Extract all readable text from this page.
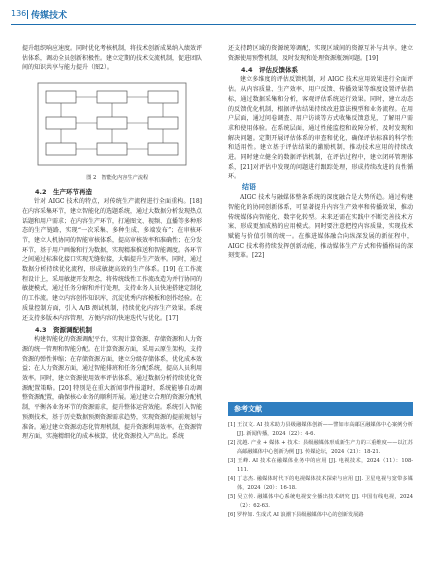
136 传媒技术

提升组织响应速度。同时优化考核机制，将技术创新成果纳入绩效评估体系，调动全员创新积极性。建立定期的技术交流机制，促进团队间的知识共享与能力提升（图2）。

图 2　智能化内容生产流程

4.2　生产环节再造

针对 AIGC 技术的特点，对传统生产流程进行全面重构。[18] 在内容采集环节，建立智能化的选题系统，通过大数据分析发现热点话题和用户需求；在内容生产环节，打通图文、视频、直播等多种形态的生产链路，实现“一次采集、多种生成、多端发布”；在审核环节，建立人机协同的智能审核体系，提高审核效率和准确性；在分发环节，基于用户画像和行为数据，实现精准推送和智能调度。各环节之间通过标准化接口实现无缝衔接，大幅提升生产效率。同时，通过数据分析持续优化流程，形成敏捷高效的生产体系。[19] 在工作流程设计上，采用敏捷开发理念，将传统线性工作流改造为并行协同的敏捷模式，通过任务分解和并行处理，支持业务人员快速搭建定制化的工作流。建立内容创作知识库，沉淀优秀内容模板和创作经验。在质量控制方面，引入 A/B 测试机制，持续优化内容生产效果。系统还支持多版本内容管理，方便内容的快速迭代与优化。[17]

4.3　资源调配机制

构建智能化的资源调配平台，实现计算资源、存储资源和人力资源的统一管理和智能分配。在计算资源方面，采用云原生架构，支持资源的弹性伸缩；在存储资源方面，建立分级存储体系，优化成本效益；在人力资源方面，通过智能排班和任务分配系统，提高人员利用效率。同时，建立资源使用效率评估体系，通过数据分析持续优化资源配置策略。[20] 特别是在重大新闻事件报道时，系统能够自动调整资源配置，确保核心业务的顺利开展。通过建立合理的资源分配机制，平衡各业务环节的资源需求，提升整体运营效能。系统引入智能预测技术，基于历史数据预测资源需求趋势，实现资源的提前规划与准备。通过建立资源动态化管理机制，提升资源利用效率。在资源管理方面，实施精细化的成本核算，优化资源投入产出比。系统

还支持跨区域的资源统筹调配，实现区域间的资源互补与共享。建立资源使用预警机制，及时发现和处理资源瓶颈问题。[19]

4.4　评估反馈体系

建立多维度的评估反馈机制，对 AIGC 技术应用效果进行全面评估。从内容质量、生产效率、用户反馈、传播效果等维度设置评估指标，通过数据采集和分析，客观评估系统运行效果。同时，建立动态的反馈优化机制，根据评估结果持续改进算法模型和业务流程。在用户层面，通过问卷调查、用户访谈等方式收集反馈意见，了解用户需求和使用体验。在系统层面，通过性能监控和故障分析，及时发现和解决问题。定期开展评估体系的审查和优化，确保评估标准的科学性和适用性。建立基于评估结果的激励机制，推动技术应用的持续改进。同时建立健全的数据评估机制，在评估过程中，建立闭环管理体系，[21]对评估中发现的问题进行跟踪处理，形成持续改进的良性循环。

结语

AIGC 技术与融媒体整条系统的深度融合是大势所趋。通过构建智能化的协同创新体系，可显著提升内容生产效率和传播效果，推动传统媒体向智能化、数字化转型。未来还需在实践中不断完善技术方案、形成更加成熟的应用模式。同时要注意把控内容质量，实现技术赋能与价值引领的统一。在推进媒体融合向纵深发展的新征程中，AIGC 技术将持续发挥创新动能，推动媒体生产方式和传播格局的深刻变革。[22]

参考文献
[1] 王汉文. AI 技术助力县级融媒体创新——譬如市高邮区融媒体中心案例分析 [J]. 新闻传播，2024（22）：4-6.
[2] 沈越. 产业 + 媒体 + 技术：县级融媒体形成新生产力的三重维度——以江苏高邮融媒体中心创新为例 [J]. 传媒论坛，2024（21）：18-21.
[3] 王峰. AI 技术在融媒体业务中的应用 [J]. 电视技术，2024（11）：108-111.
[4] 丁志杰. 融媒体时代下的电视媒体技术探索与应用 [J]. 卫星电视与宽带多媒体，2024（20）：16-18.
[5] 吴立传. 融媒体中心系统电视安全播出技术研究 [J]. 中国有线电视，2024（2）：62-63.
[6] 罗梓如. 生成式 AI 浪潮下县级融媒体中心的创新发展路
